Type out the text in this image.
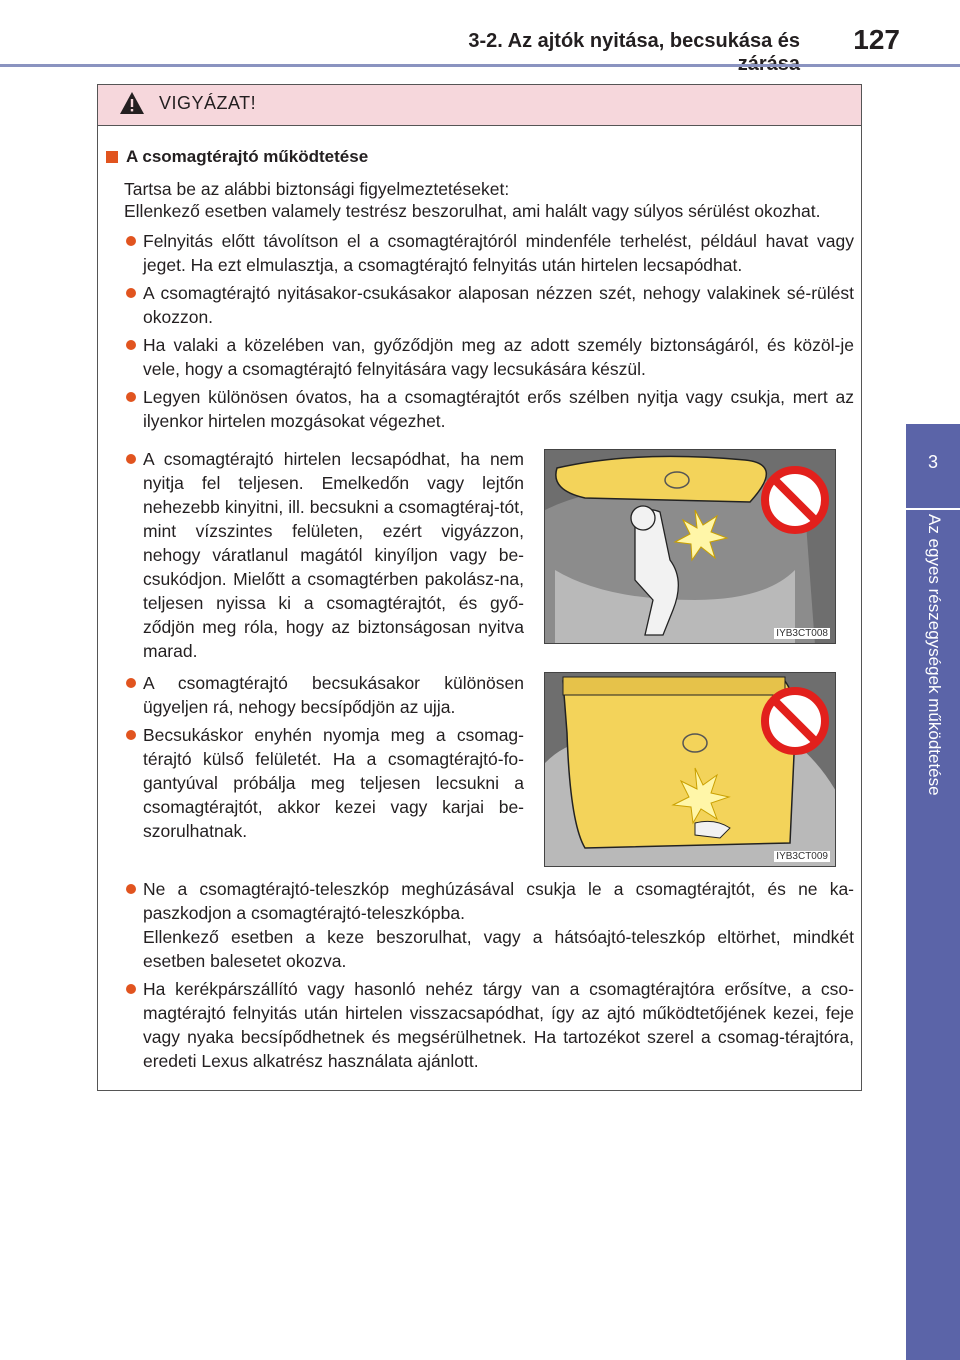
3-2. Az ajtók nyitása, becsukása és	127
3
Az egyes részegységek működtetése
VIGYÁZAT!
A csomagtérajtó működtetése
Tartsa be az alábbi biztonsági figyelmeztetéseket:
Ellenkező esetben valamely testrész beszorulhat, ami halált vagy súlyos sérülést okozhat.
Felnyitás előtt távolítson el a csomagtérajtóról mindenféle terhelést, például havat vagy jeget. Ha ezt elmulasztja, a csomagtérajtó felnyitás után hirtelen lecsapódhat.
A csomagtérajtó nyitásakor-csukásakor alaposan nézzen szét, nehogy valakinek sé-rülést okozzon.
Ha valaki a közelében van, győződjön meg az adott személy biztonságáról, és közöl-je vele, hogy a csomagtérajtó felnyitására vagy lecsukására készül.
Legyen különösen óvatos, ha a csomagtérajtót erős szélben nyitja vagy csukja, mert az ilyenkor hirtelen mozgásokat végezhet.
A csomagtérajtó hirtelen lecsapódhat, ha nem nyitja fel teljesen. Emelkedőn vagy lejtőn nehezebb kinyitni, ill. becsukni a csomagtéraj-tót, mint vízszintes felületen, ezért vigyázzon, nehogy váratlanul magától kinyíljon vagy be-csukódjon. Mielőtt a csomagtérben pakolász-na, teljesen nyissa ki a csomagtérajtót, és győ-ződjön meg róla, hogy az biztonságosan nyitva marad.
IYB3CT008
A csomagtérajtó becsukásakor különösen ügyeljen rá, nehogy becsípődjön az ujja.
Becsukáskor enyhén nyomja meg a csomag-térajtó külső felületét. Ha a csomagtérajtó-fo-gantyúval próbálja meg teljesen lecsukni a csomagtérajtót, akkor kezei vagy karjai be-szorulhatnak.
IYB3CT009
Ne a csomagtérajtó-teleszkóp meghúzásával csukja le a csomagtérajtót, és ne ka-paszkodjon a csomagtérajtó-teleszkópba.
Ellenkező esetben a keze beszorulhat, vagy a hátsóajtó-teleszkóp eltörhet, mindkét esetben balesetet okozva.
Ha kerékpárszállító vagy hasonló nehéz tárgy van a csomagtérajtóra erősítve, a cso-magtérajtó felnyitás után hirtelen visszacsapódhat, így az ajtó működtetőjének kezei, feje vagy nyaka becsípődhetnek és megsérülhetnek. Ha tartozékot szerel a csomag-térajtóra, eredeti Lexus alkatrész használata ajánlott.
